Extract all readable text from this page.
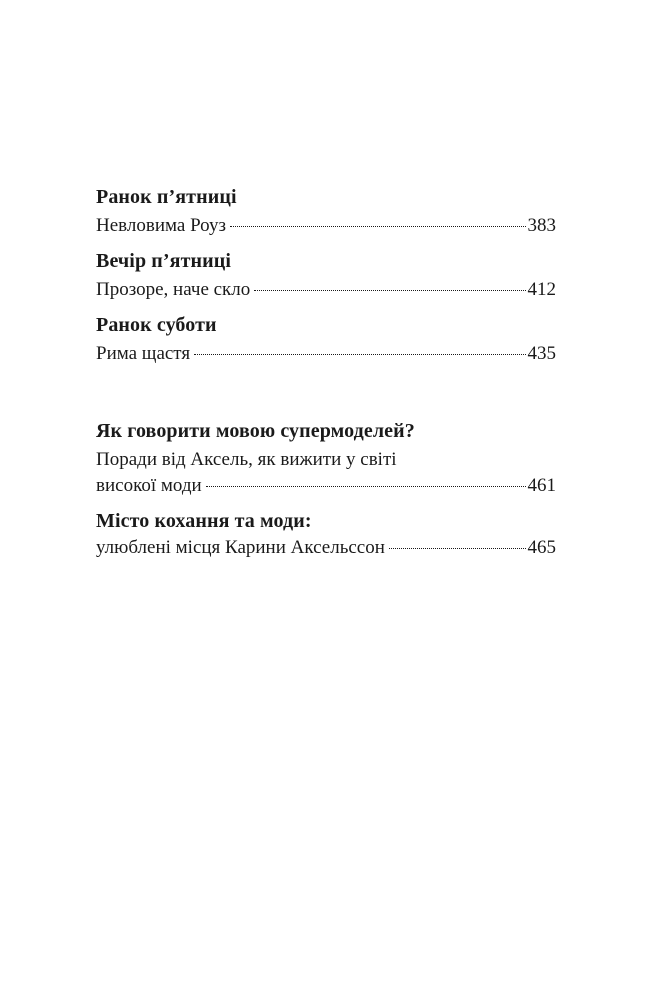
Ранок п’ятниці

Невловима Роуз	383

Вечір п’ятниці

Прозоре, наче скло	412

Ранок суботи

Рима щастя	435

Як говорити мовою супермоделей?

Поради від Аксель, як вижити у світі
високої моди	461

Місто кохання та моди:

улюблені місця Карини Аксельссон	465
